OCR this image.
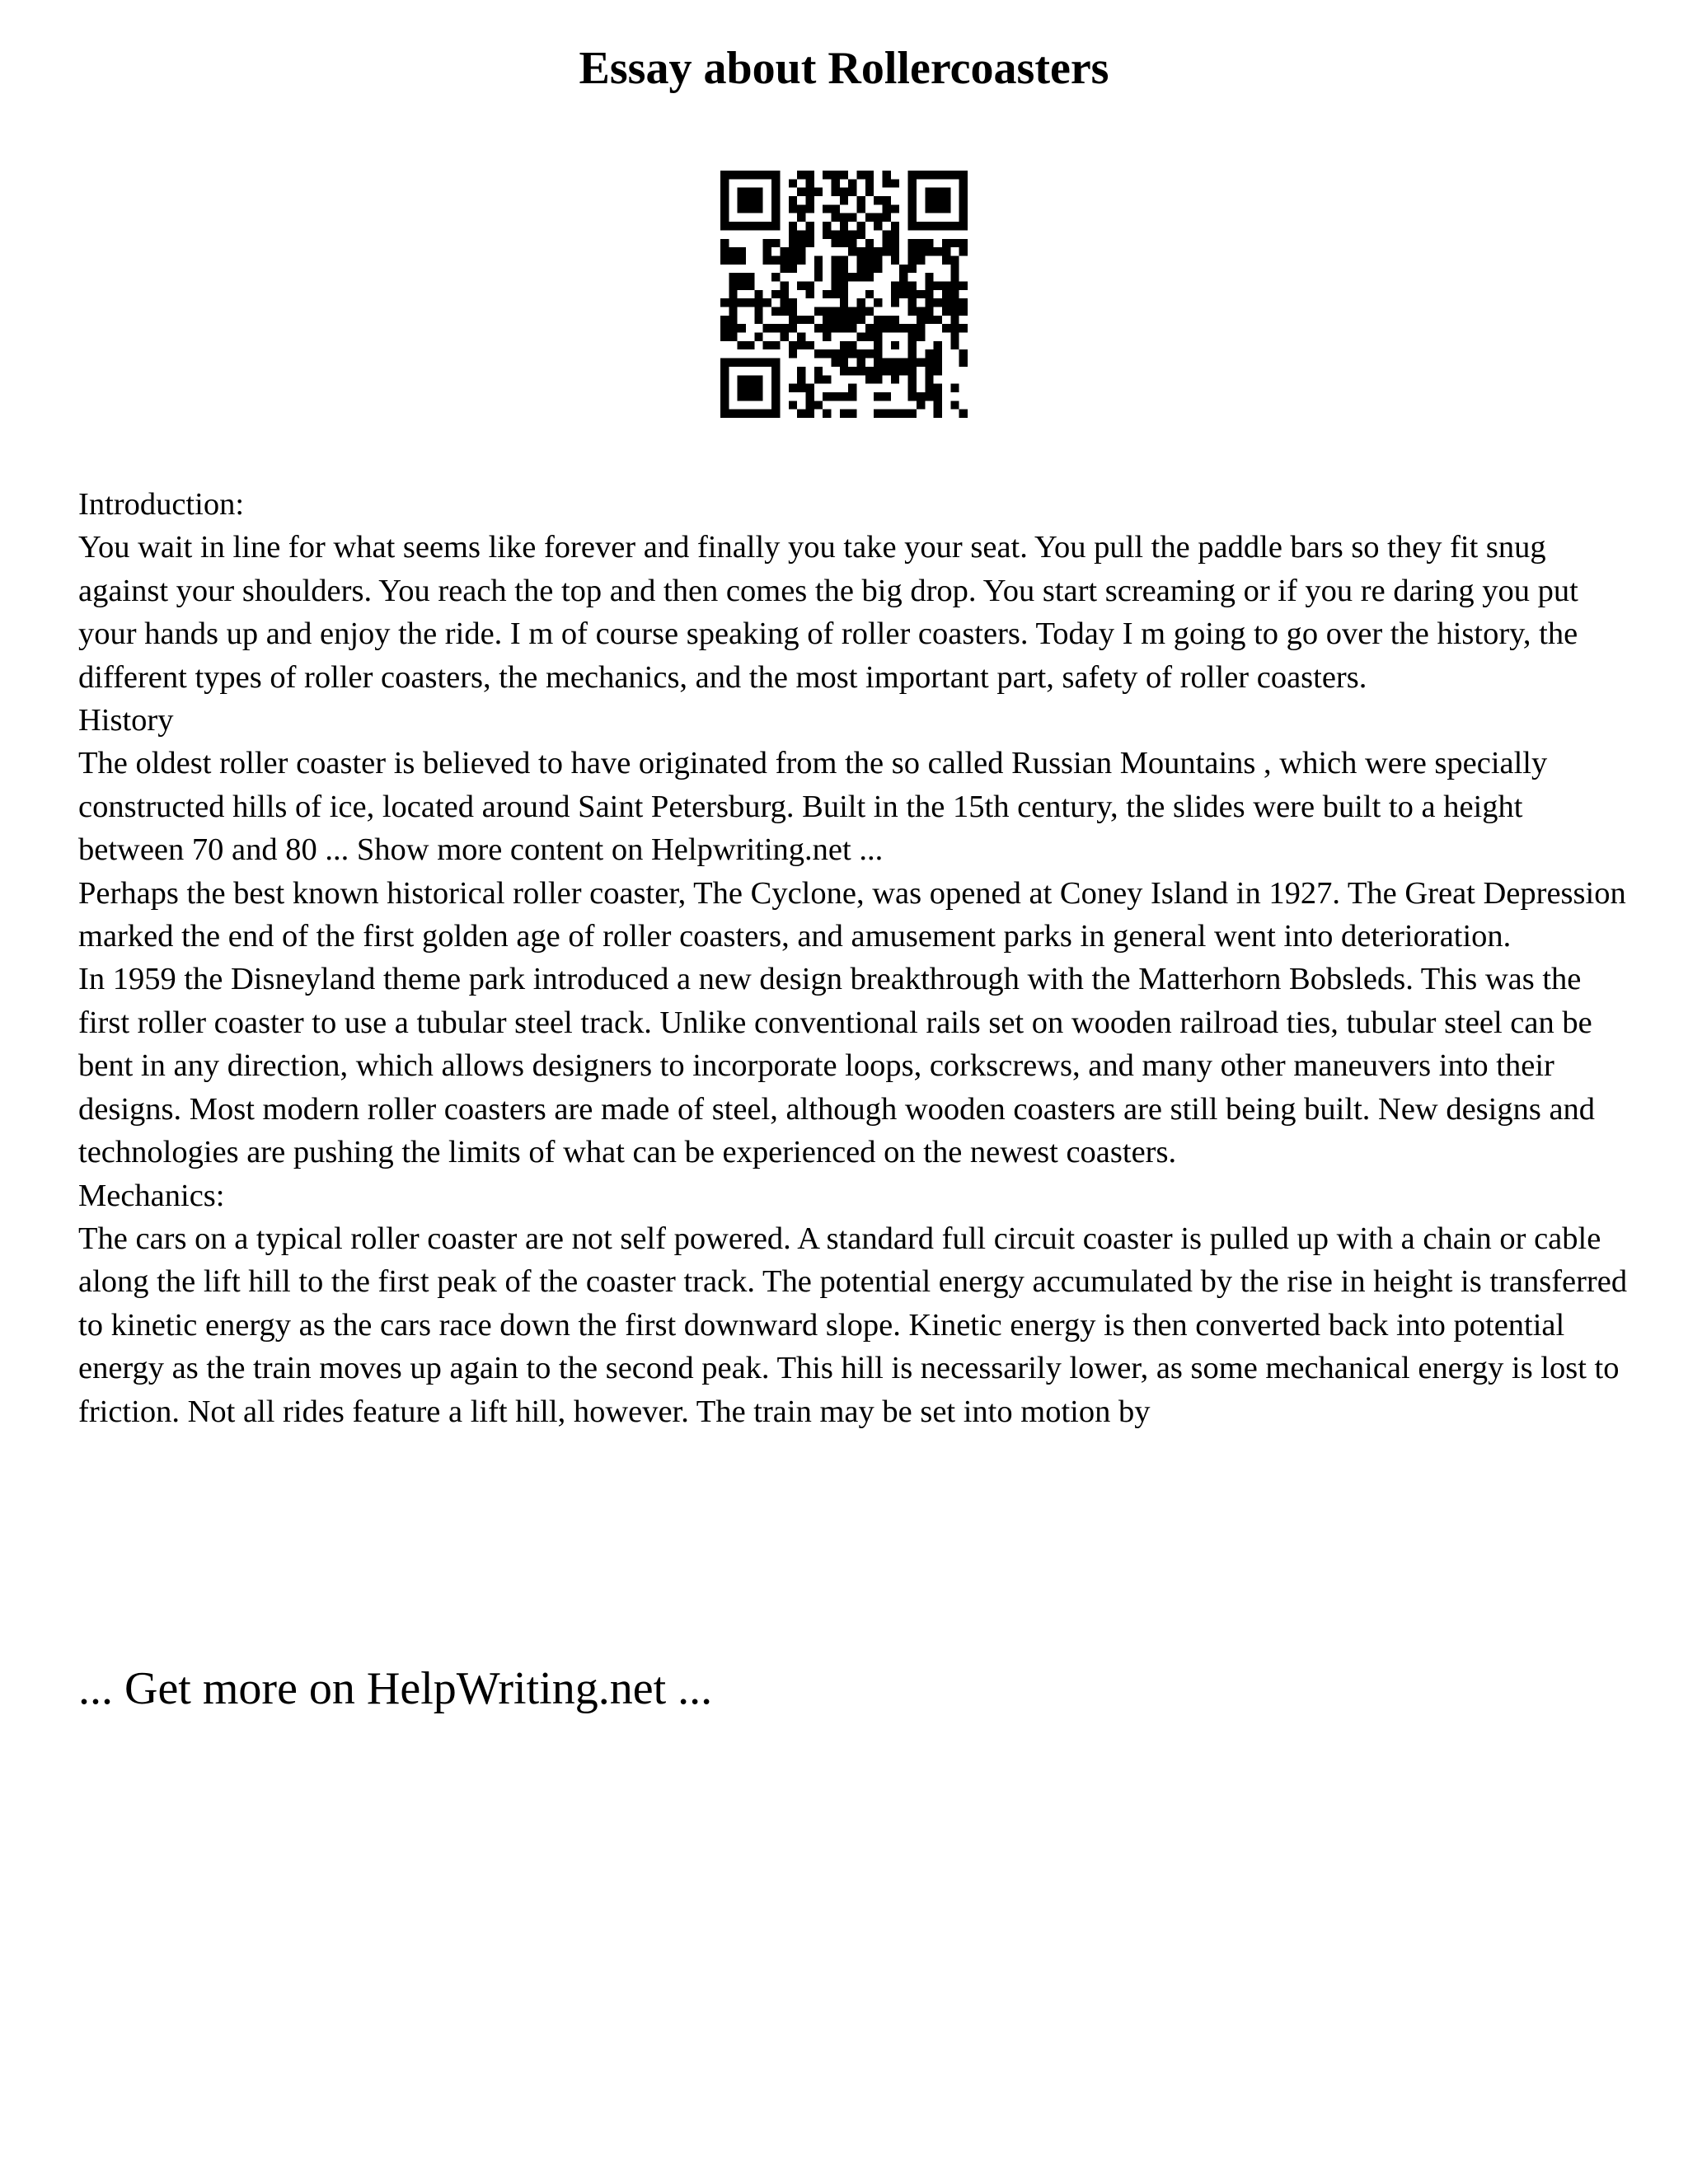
Essay about Rollercoasters

Introduction:

You wait in line for what seems like forever and finally you take your seat. You pull the paddle bars so they fit snug against your shoulders. You reach the top and then comes the big drop. You start screaming or if you re daring you put your hands up and enjoy the ride. I m of course speaking of roller coasters. Today I m going to go over the history, the different types of roller coasters, the mechanics, and the most important part, safety of roller coasters.

History

The oldest roller coaster is believed to have originated from the so called Russian Mountains , which were specially constructed hills of ice, located around Saint Petersburg. Built in the 15th century, the slides were built to a height between 70 and 80 ... Show more content on Helpwriting.net ...

Perhaps the best known historical roller coaster, The Cyclone, was opened at Coney Island in 1927. The Great Depression marked the end of the first golden age of roller coasters, and amusement parks in general went into deterioration.

In 1959 the Disneyland theme park introduced a new design breakthrough with the Matterhorn Bobsleds. This was the first roller coaster to use a tubular steel track. Unlike conventional rails set on wooden railroad ties, tubular steel can be bent in any direction, which allows designers to incorporate loops, corkscrews, and many other maneuvers into their designs. Most modern roller coasters are made of steel, although wooden coasters are still being built. New designs and technologies are pushing the limits of what can be experienced on the newest coasters.

Mechanics:

The cars on a typical roller coaster are not self powered. A standard full circuit coaster is pulled up with a chain or cable along the lift hill to the first peak of the coaster track. The potential energy accumulated by the rise in height is transferred to kinetic energy as the cars race down the first downward slope. Kinetic energy is then converted back into potential energy as the train moves up again to the second peak. This hill is necessarily lower, as some mechanical energy is lost to friction. Not all rides feature a lift hill, however. The train may be set into motion by

... Get more on HelpWriting.net ...
